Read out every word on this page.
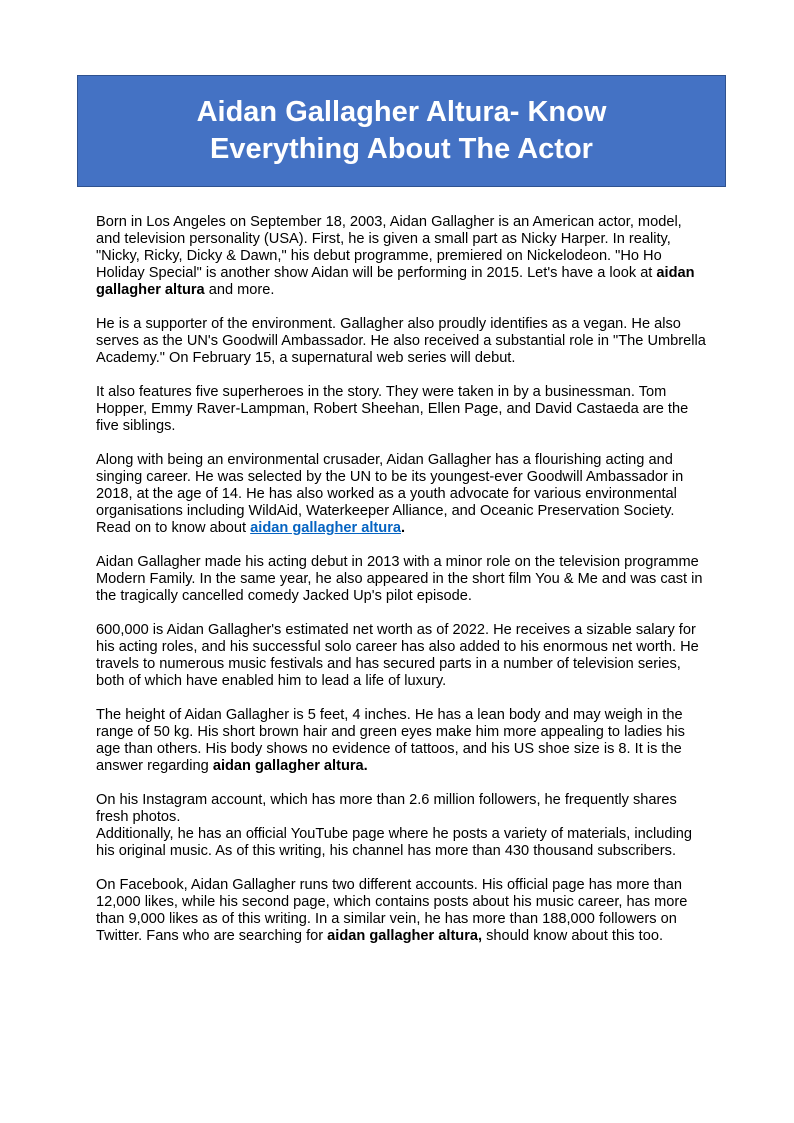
Aidan Gallagher Altura- Know Everything About The Actor

Born in Los Angeles on September 18, 2003, Aidan Gallagher is an American actor, model, and television personality (USA). First, he is given a small part as Nicky Harper. In reality, "Nicky, Ricky, Dicky & Dawn," his debut programme, premiered on Nickelodeon. "Ho Ho Holiday Special" is another show Aidan will be performing in 2015. Let's have a look at aidan gallagher altura and more.

He is a supporter of the environment. Gallagher also proudly identifies as a vegan. He also serves as the UN's Goodwill Ambassador. He also received a substantial role in "The Umbrella Academy." On February 15, a supernatural web series will debut.

It also features five superheroes in the story. They were taken in by a businessman. Tom Hopper, Emmy Raver-Lampman, Robert Sheehan, Ellen Page, and David Castaeda are the five siblings.

Along with being an environmental crusader, Aidan Gallagher has a flourishing acting and singing career. He was selected by the UN to be its youngest-ever Goodwill Ambassador in 2018, at the age of 14. He has also worked as a youth advocate for various environmental organisations including WildAid, Waterkeeper Alliance, and Oceanic Preservation Society. Read on to know about aidan gallagher altura.

Aidan Gallagher made his acting debut in 2013 with a minor role on the television programme Modern Family. In the same year, he also appeared in the short film You & Me and was cast in the tragically cancelled comedy Jacked Up's pilot episode.

600,000 is Aidan Gallagher's estimated net worth as of 2022. He receives a sizable salary for his acting roles, and his successful solo career has also added to his enormous net worth. He travels to numerous music festivals and has secured parts in a number of television series, both of which have enabled him to lead a life of luxury.

The height of Aidan Gallagher is 5 feet, 4 inches. He has a lean body and may weigh in the range of 50 kg. His short brown hair and green eyes make him more appealing to ladies his age than others. His body shows no evidence of tattoos, and his US shoe size is 8. It is the answer regarding aidan gallagher altura.

On his Instagram account, which has more than 2.6 million followers, he frequently shares fresh photos.

Additionally, he has an official YouTube page where he posts a variety of materials, including his original music. As of this writing, his channel has more than 430 thousand subscribers.

On Facebook, Aidan Gallagher runs two different accounts. His official page has more than 12,000 likes, while his second page, which contains posts about his music career, has more than 9,000 likes as of this writing. In a similar vein, he has more than 188,000 followers on Twitter. Fans who are searching for aidan gallagher altura, should know about this too.
